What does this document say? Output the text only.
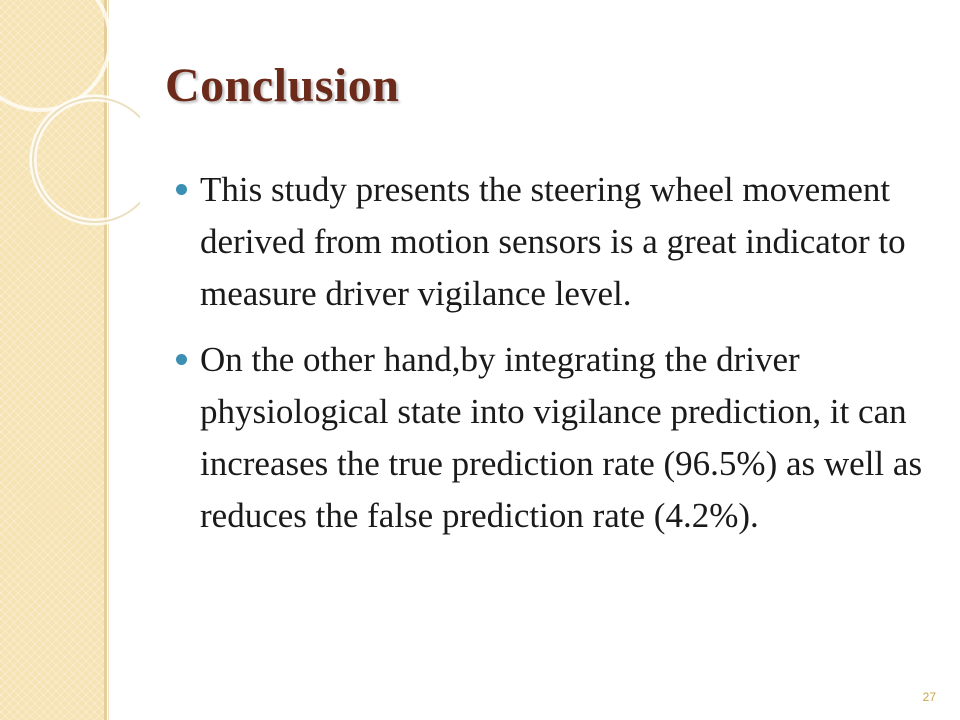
Conclusion
This study presents the steering wheel movement derived from motion sensors is a great indicator to measure driver vigilance level.
On the other hand,by integrating the driver physiological state into vigilance prediction, it can increases the true prediction rate (96.5%) as well as reduces the false prediction rate (4.2%).
27
